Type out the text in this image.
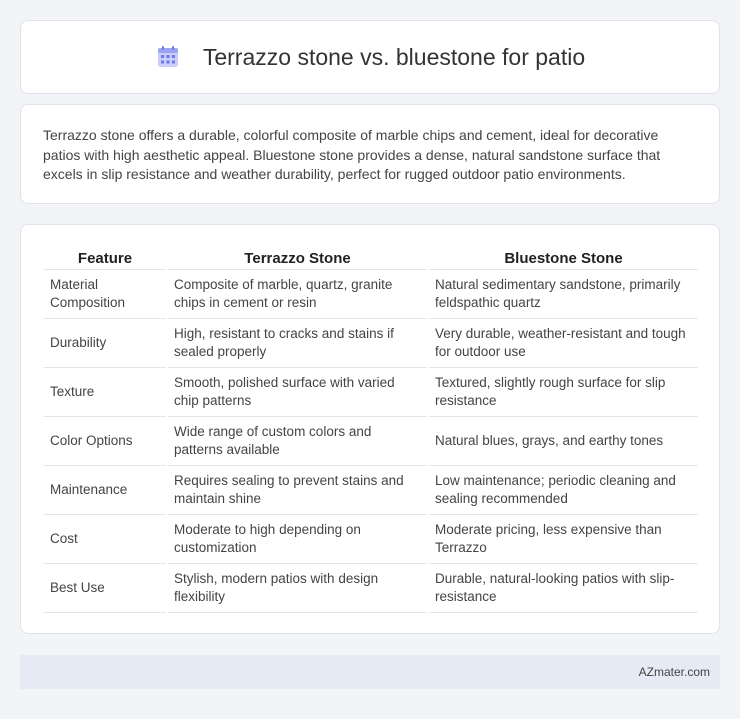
Terrazzo stone vs. bluestone for patio

Terrazzo stone offers a durable, colorful composite of marble chips and cement, ideal for decorative patios with high aesthetic appeal. Bluestone stone provides a dense, natural sandstone surface that excels in slip resistance and weather durability, perfect for rugged outdoor patio environments.

Feature	Terrazzo Stone	Bluestone Stone
Material Composition	Composite of marble, quartz, granite chips in cement or resin	Natural sedimentary sandstone, primarily feldspathic quartz
Durability	High, resistant to cracks and stains if sealed properly	Very durable, weather-resistant and tough for outdoor use
Texture	Smooth, polished surface with varied chip patterns	Textured, slightly rough surface for slip resistance
Color Options	Wide range of custom colors and patterns available	Natural blues, grays, and earthy tones
Maintenance	Requires sealing to prevent stains and maintain shine	Low maintenance; periodic cleaning and sealing recommended
Cost	Moderate to high depending on customization	Moderate pricing, less expensive than Terrazzo
Best Use	Stylish, modern patios with design flexibility	Durable, natural-looking patios with slip-resistance
AZmater.com
